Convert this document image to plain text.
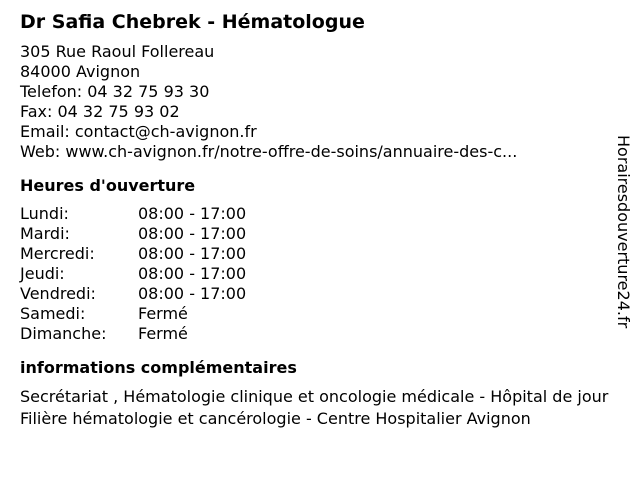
Dr Safia Chebrek - Hématologue
305 Rue Raoul Follereau
84000 Avignon
Telefon: 04 32 75 93 30
Fax: 04 32 75 93 02
Email: contact@ch-avignon.fr
Web: www.ch-avignon.fr/notre-offre-de-soins/annuaire-des-c...
Heures d'ouverture
Lundi:	08:00 - 17:00
Mardi:	08:00 - 17:00
Mercredi:	08:00 - 17:00
Jeudi:	08:00 - 17:00
Vendredi:	08:00 - 17:00
Samedi:	Fermé
Dimanche:	Fermé
informations complémentaires
Secrétariat , Hématologie clinique et oncologie médicale - Hôpital de jour Filière hématologie et cancérologie - Centre Hospitalier Avignon
Horairesdouverture24.fr
